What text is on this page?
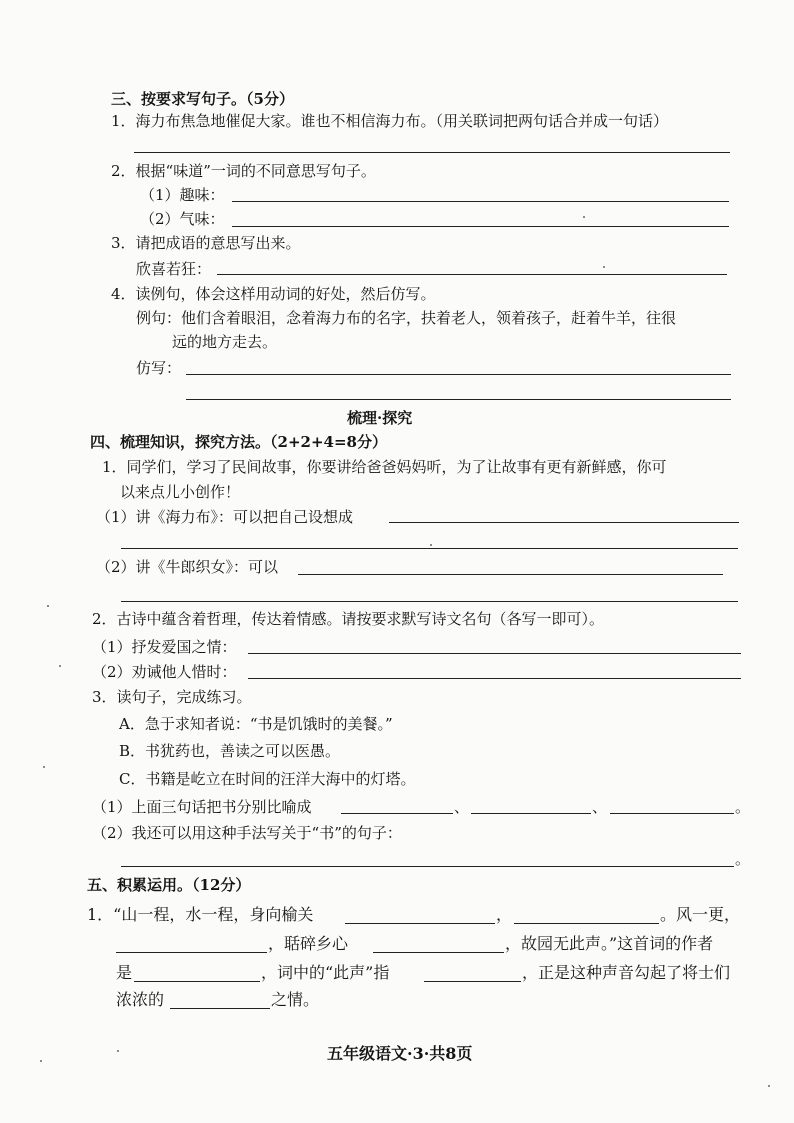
三、按要求写句子。（5分）
1．海力布焦急地催促大家。谁也不相信海力布。（用关联词把两句话合并成一句话）
2．根据“味道”一词的不同意思写句子。
（1）趣味：
（2）气味：
3．请把成语的意思写出来。
欣喜若狂：
4．读例句，体会这样用动词的好处，然后仿写。
例句：他们含着眼泪，念着海力布的名字，扶着老人，领着孩子，赶着牛羊，往很
远的地方走去。
仿写：
梳理·探究
四、梳理知识，探究方法。（2+2+4=8分）
1．同学们，学习了民间故事，你要讲给爸爸妈妈听，为了让故事有更有新鲜感，你可
以来点儿小创作！
（1）讲《海力布》：可以把自己设想成
（2）讲《牛郎织女》：可以
2．古诗中蕴含着哲理，传达着情感。请按要求默写诗文名句（各写一即可）。
（1）抒发爱国之情：
（2）劝诫他人惜时：
3．读句子，完成练习。
A．急于求知者说：“书是饥饿时的美餐。”
B．书犹药也，善读之可以医愚。
C．书籍是屹立在时间的汪洋大海中的灯塔。
（1）上面三句话把书分别比喻成	、	、	。
（2）我还可以用这种手法写关于“书”的句子：
。
五、积累运用。（12分）
1．“山一程，水一程，身向榆关	，	。风一更，
，聒碎乡心	，故园无此声。”这首词的作者
是	，词中的“此声”指	，正是这种声音勾起了将士们
浓浓的	之情。
五年级语文·3·共8页
